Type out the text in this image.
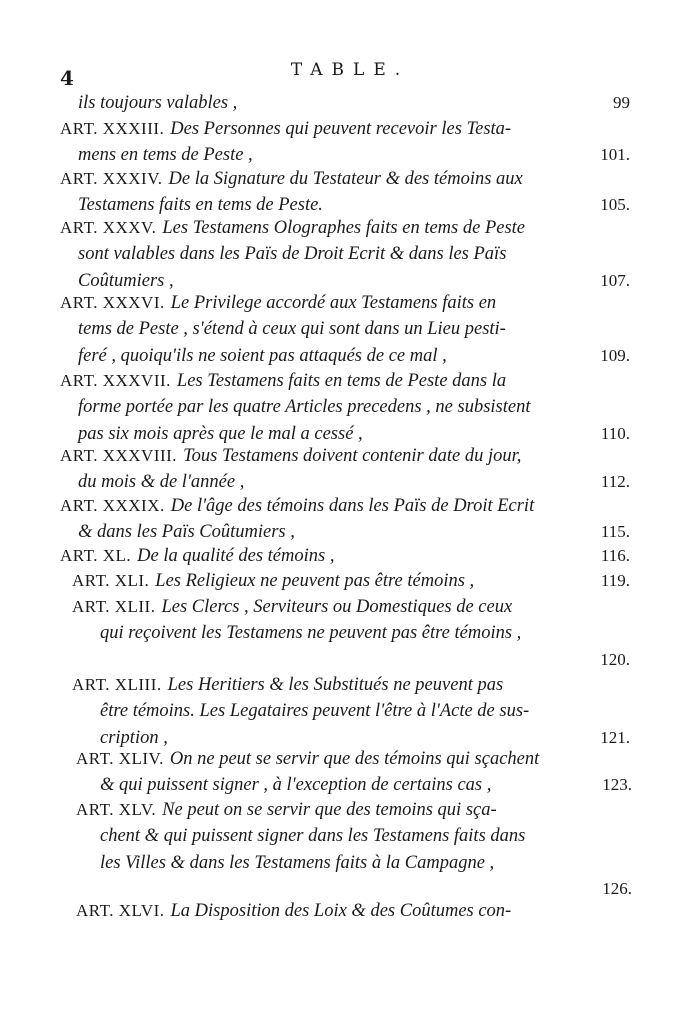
4	TABLE.
ils toujours valables ,	99
ART. XXXIII. Des Personnes qui peuvent recevoir les Testa-
mens en tems de Peste ,	101.
ART. XXXIV. De la Signature du Testateur & des témoins aux
Testamens faits en tems de Peste.	105.
ART. XXXV. Les Testamens Olographes faits en tems de Peste
sont valables dans les Païs de Droit Ecrit & dans les Païs
Coûtumiers ,	107.
ART. XXXVI. Le Privilege accordé aux Testamens faits en
tems de Peste , s'étend à ceux qui sont dans un Lieu pesti-
feré , quoiqu'ils ne soient pas attaqués de ce mal ,	109.
ART. XXXVII. Les Testamens faits en tems de Peste dans la
forme portée par les quatre Articles precedens , ne subsistent
pas six mois après que le mal a cessé ,	110.
ART. XXXVIII. Tous Testamens doivent contenir date du jour,
du mois & de l'année ,	112.
ART. XXXIX. De l'âge des témoins dans les Païs de Droit Ecrit
& dans les Païs Coûtumiers ,	115.
ART. XL. De la qualité des témoins ,	116.
ART. XLI. Les Religieux ne peuvent pas être témoins ,	119.
ART. XLII. Les Clercs , Serviteurs ou Domestiques de ceux
qui reçoivent les Testamens ne peuvent pas être témoins ,
120.
ART. XLIII. Les Heritiers & les Substitués ne peuvent pas
être témoins. Les Legataires peuvent l'être à l'Acte de sus-
cription ,	121.
ART. XLIV. On ne peut se servir que des témoins qui sçachent
& qui puissent signer , à l'exception de certains cas ,	123.
ART. XLV. Ne peut on se servir que des temoins qui sça-
chent & qui puissent signer dans les Testamens faits dans
les Villes & dans les Testamens faits à la Campagne ,
126.
ART. XLVI. La Disposition des Loix & des Coûtumes con-
